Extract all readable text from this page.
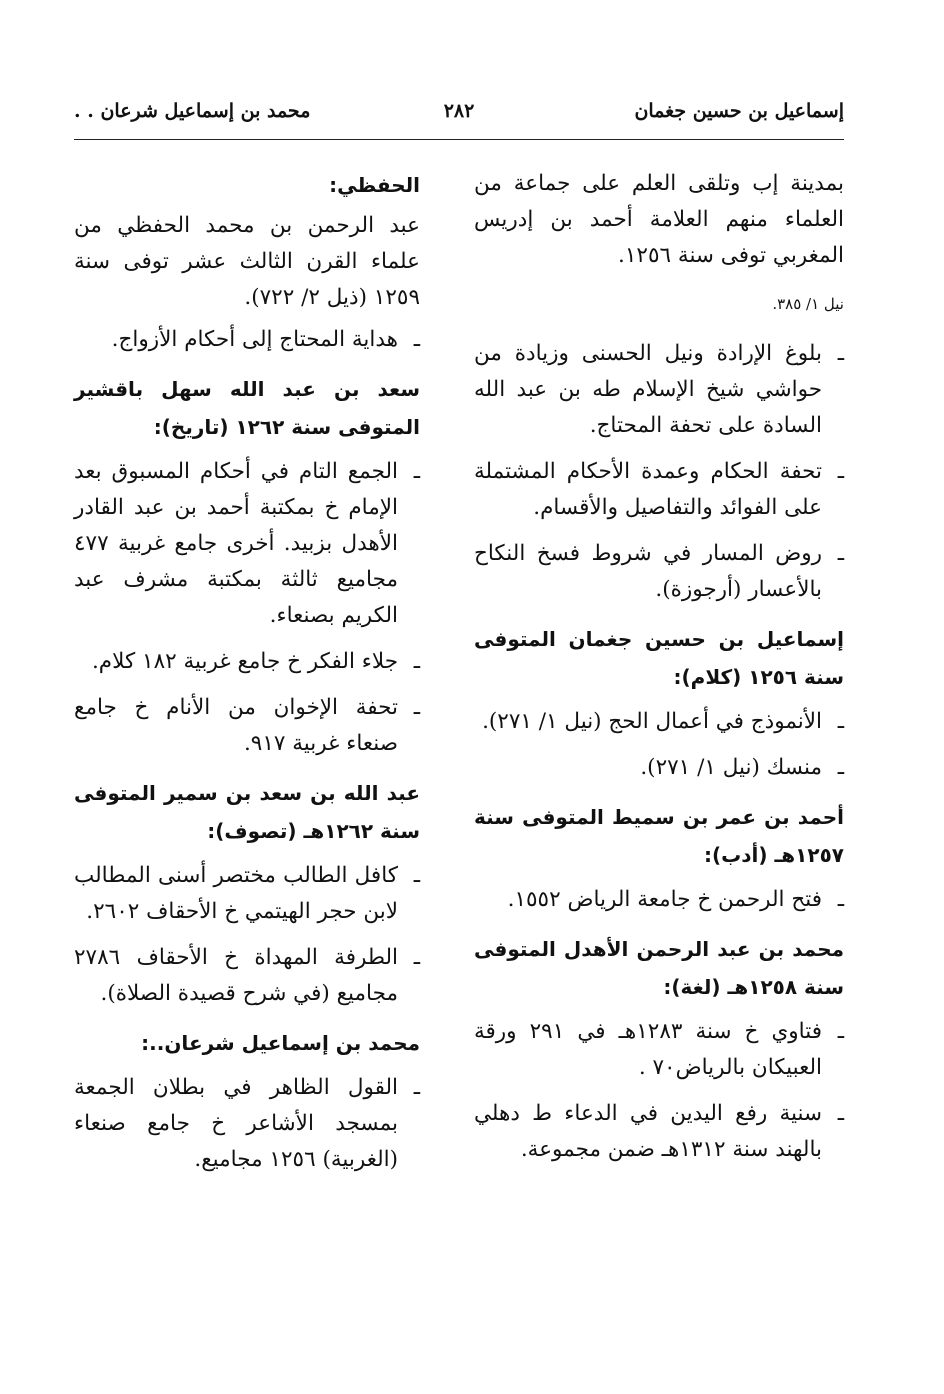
إسماعيل بن حسين جغمان
٢٨٢
محمد بن إسماعيل شرعان . .

بمدينة إب وتلقى العلم على جماعة من العلماء منهم العلامة أحمد بن إدريس المغربي توفى سنة ١٢٥٦.

نيل ١/ ٣٨٥.

ـ بلوغ الإرادة ونيل الحسنى وزيادة من حواشي شيخ الإسلام طه بن عبد الله السادة على تحفة المحتاج.
ـ تحفة الحكام وعمدة الأحكام المشتملة على الفوائد والتفاصيل والأقسام.
ـ روض المسار في شروط فسخ النكاح بالأعسار (أرجوزة).
إسماعيل بن حسين جغمان المتوفى سنة ١٢٥٦ (كلام):
ـ الأنموذج في أعمال الحج (نيل ١/ ٢٧١).
ـ منسك (نيل ١/ ٢٧١).
أحمد بن عمر بن سميط المتوفى سنة ١٢٥٧هـ (أدب):
ـ فتح الرحمن خ جامعة الرياض ١٥٥٢.
محمد بن عبد الرحمن الأهدل المتوفى سنة ١٢٥٨هـ (لغة):
ـ فتاوي خ سنة ١٢٨٣هـ في ٢٩١ ورقة العبيكان بالرياض٧٠ .
ـ سنية رفع اليدين في الدعاء ط دهلي بالهند سنة ١٣١٢هـ ضمن مجموعة.
الحفظي:

عبد الرحمن بن محمد الحفظي من علماء القرن الثالث عشر توفى سنة ١٢٥٩ (ذيل ٢/ ٧٢٢).

ـ هداية المحتاج إلى أحكام الأزواج.
سعد بن عبد الله سهل باقشير المتوفى سنة ١٢٦٢ (تاريخ):
ـ الجمع التام في أحكام المسبوق بعد الإمام خ بمكتبة أحمد بن عبد القادر الأهدل بزبيد. أخرى جامع غربية ٤٧٧ مجاميع ثالثة بمكتبة مشرف عبد الكريم بصنعاء.
ـ جلاء الفكر خ جامع غربية ١٨٢ كلام.
ـ تحفة الإخوان من الأنام خ جامع صنعاء غربية ٩١٧.
عبد الله بن سعد بن سمير المتوفى سنة ١٢٦٢هـ (تصوف):
ـ كافل الطالب مختصر أسنى المطالب لابن حجر الهيتمي خ الأحقاف ٢٦٠٢.
ـ الطرفة المهداة خ الأحقاف ٢٧٨٦ مجاميع (في شرح قصيدة الصلاة).
محمد بن إسماعيل شرعان..:
ـ القول الظاهر في بطلان الجمعة بمسجد الأشاعر خ جامع صنعاء (الغربية) ١٢٥٦ مجاميع.
